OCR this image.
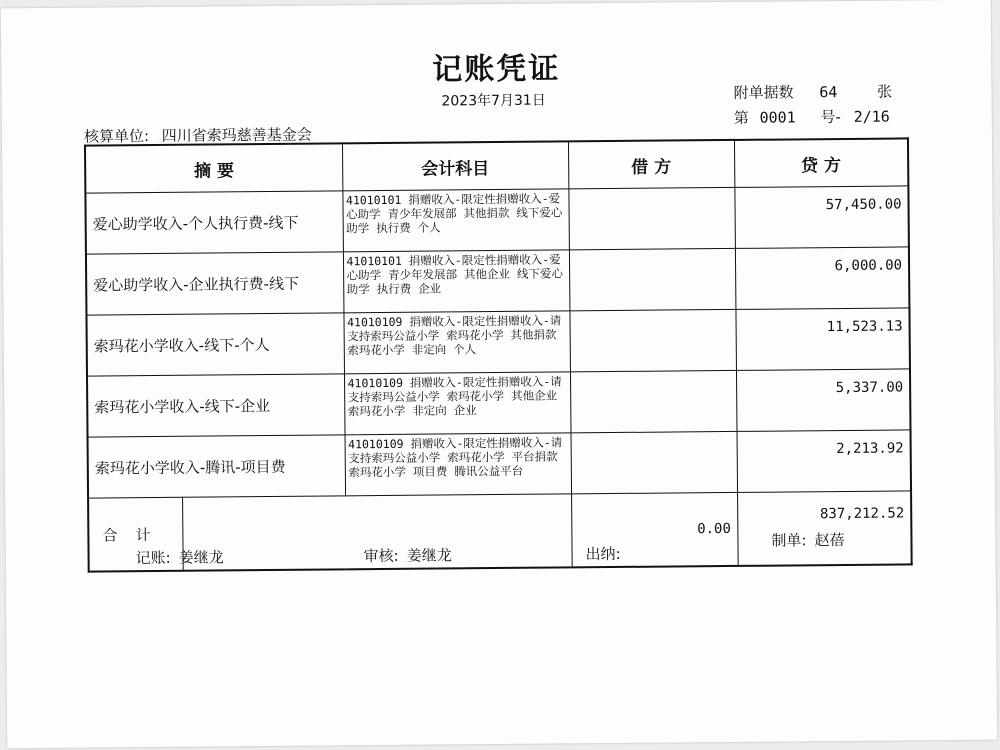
记账凭证
2023年7月31日	附单据数 64	张
第 0001 号- 2/16
核算单位: 四川省索玛慈善基金会
摘 要		会计科目	借 方	贷 方
爱心助学收入-个人执行费-线下		41010101 捐赠收入-限定性捐赠收入-爱心助学 青少年发展部 其他捐款 线下爱心助学 执行费 个人		57,450.00
爱心助学收入-企业执行费-线下		41010101 捐赠收入-限定性捐赠收入-爱心助学 青少年发展部 其他企业 线下爱心助学 执行费 企业		6,000.00
索玛花小学收入-线下-个人		41010109 捐赠收入-限定性捐赠收入-请支持索玛公益小学 索玛花小学 其他捐款 索玛花小学 非定向 个人		11,523.13
索玛花小学收入-线下-企业		41010109 捐赠收入-限定性捐赠收入-请支持索玛公益小学 索玛花小学 其他企业 索玛花小学 非定向 企业		5,337.00
索玛花小学收入-腾讯-项目费		41010109 捐赠收入-限定性捐赠收入-请支持索玛公益小学 索玛花小学 平台捐款 索玛花小学 项目费 腾讯公益平台		2,213.92
合计			0.00	837,212.52
记账: 姜继龙	审核: 姜继龙	出纳:
制单: 赵蓓
